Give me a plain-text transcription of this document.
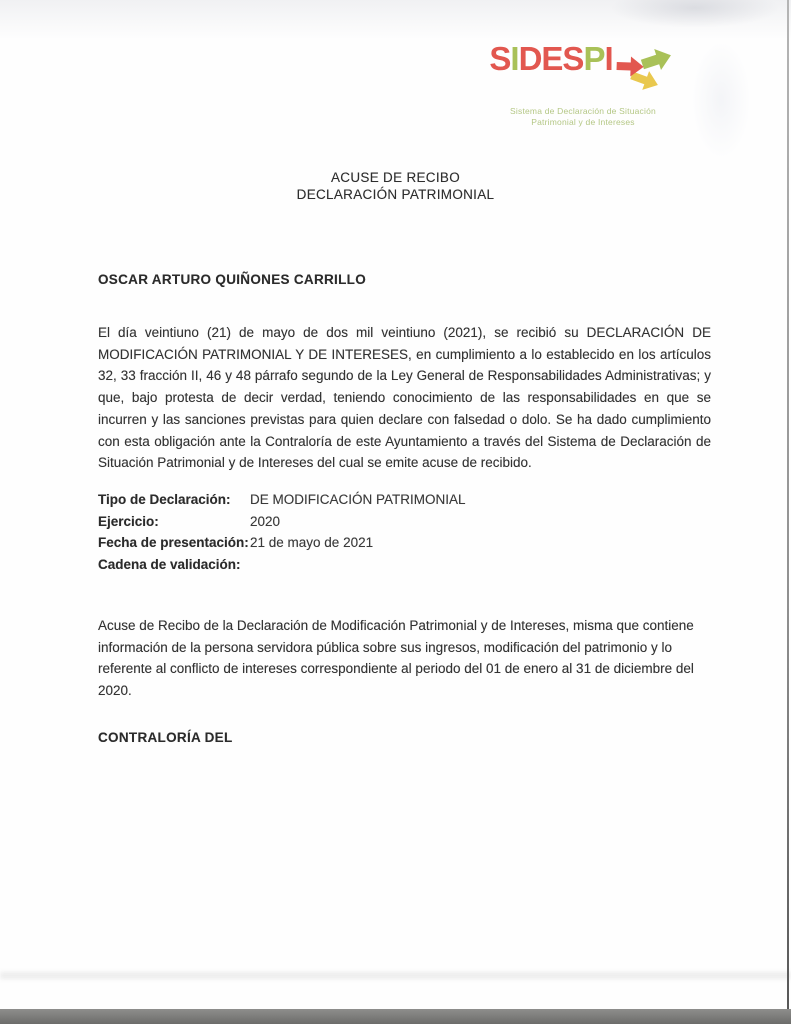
SIDESPI
Sistema de Declaración de Situación
Patrimonial y de Intereses
ACUSE DE RECIBO
DECLARACIÓN PATRIMONIAL
OSCAR ARTURO QUIÑONES CARRILLO
El día veintiuno (21) de mayo de dos mil veintiuno (2021), se recibió su DECLARACIÓN DE MODIFICACIÓN PATRIMONIAL Y DE INTERESES, en cumplimiento a lo establecido en los artículos 32, 33 fracción II, 46 y 48 párrafo segundo de la Ley General de Responsabilidades Administrativas; y que, bajo protesta de decir verdad, teniendo conocimiento de las responsabilidades en que se incurren y las sanciones previstas para quien declare con falsedad o dolo. Se ha dado cumplimiento con esta obligación ante la Contraloría de este Ayuntamiento a través del Sistema de Declaración de Situación Patrimonial y de Intereses del cual se emite acuse de recibido.
Tipo de Declaración:	DE MODIFICACIÓN PATRIMONIAL
Ejercicio:	2020
Fecha de presentación: 21 de mayo de 2021
Cadena de validación:
Acuse de Recibo de la Declaración de Modificación Patrimonial y de Intereses, misma que contiene información de la persona servidora pública sobre sus ingresos, modificación del patrimonio y lo referente al conflicto de intereses correspondiente al periodo del 01 de enero al 31 de diciembre del 2020.
CONTRALORÍA DEL
